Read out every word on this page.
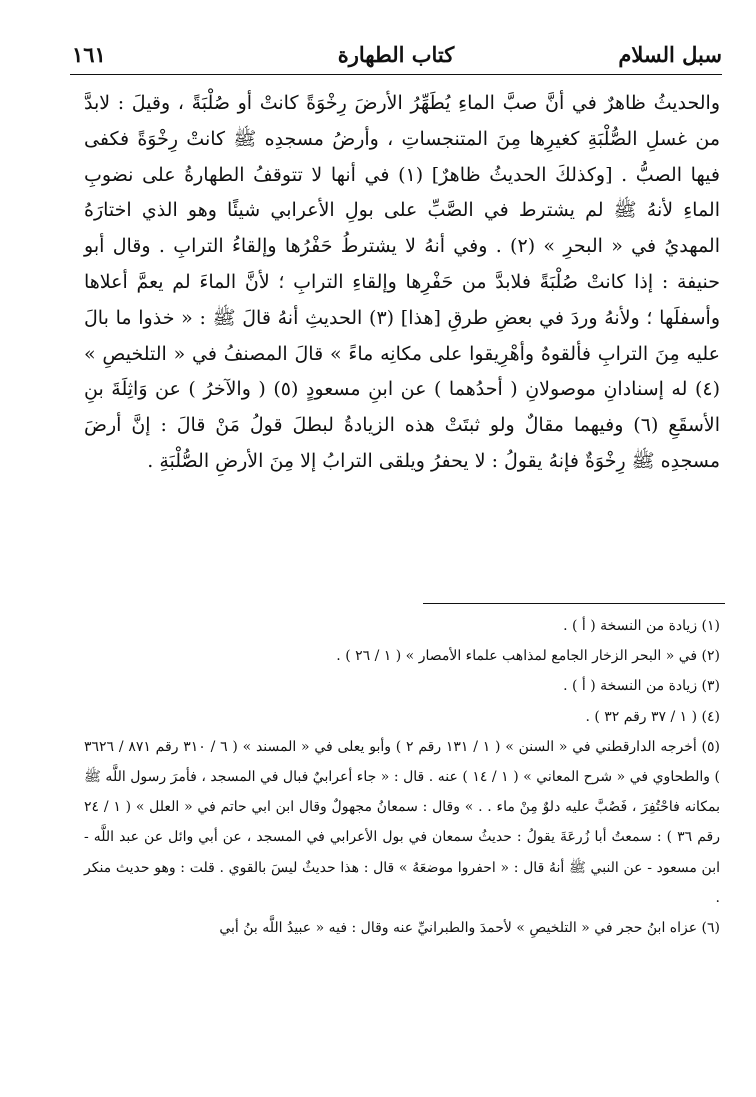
سبل السلام
كتاب الطهارة
١٦١

والحديثُ ظاهرٌ في أنَّ صبَّ الماءِ يُطَهِّرُ الأرضَ رِخْوَةً كانتْ أو صُلْبَةً ، وقيلَ : لابدَّ من غسلِ الصُّلْبَةِ كغيرِها مِنَ المتنجساتِ ، وأرضُ مسجدِه ﷺ كانتْ رِخْوَةً فكفى فيها الصبُّ . [وكذلكَ الحديثُ ظاهرٌ] (١) في أنها لا تتوقفُ الطهارةُ على نضوبِ الماءِ لأنهُ ﷺ لم يشترط في الصَّبِّ على بولِ الأعرابي شيئًا وهو الذي اختارَهُ المهديُ في « البحرِ » (٢) . وفي أنهُ لا يشترطُ حَفْرُها وإلقاءُ الترابِ . وقال أبو حنيفة : إذا كانتْ صُلْبَةً فلابدَّ من حَفْرِها وإلقاءِ الترابِ ؛ لأنَّ الماءَ لم يعمَّ أعلاها وأسفلَها ؛ ولأنهُ وردَ في بعضِ طرقِ [هذا] (٣) الحديثِ أنهُ قالَ ﷺ : « خذوا ما بالَ عليه مِنَ الترابِ فألقوهُ وأهْرِيقوا على مكانِه ماءً » قالَ المصنفُ في « التلخيصِ » (٤) له إسنادانِ موصولانِ ( أحدُهما ) عن ابنِ مسعودٍ (٥) ( والآخرُ ) عن وَاثِلَةَ بنِ الأسقَعِ (٦) وفيهما مقالٌ ولو ثبتَتْ هذه الزيادةُ لبطلَ قولُ مَنْ قالَ : إنَّ أرضَ مسجدِه ﷺ رِخْوَةٌ فإنهُ يقولُ : لا يحفرُ ويلقى الترابُ إلا مِنَ الأرضِ الصُّلْبَةِ .

(١) زيادة من النسخة ( أ ) .

(٢) في « البحر الزخار الجامع لمذاهب علماء الأمصار » ( ١ / ٢٦ ) .

(٣) زيادة من النسخة ( أ ) .

(٤) ( ١ / ٣٧ رقم ٣٢ ) .

(٥) أخرجه الدارقطني في « السنن » ( ١ / ١٣١ رقم ٢ ) وأبو يعلى في « المسند » ( ٦ / ٣١٠ رقم ٨٧١ / ٣٦٢٦ ) والطحاوي في « شرح المعاني » ( ١ / ١٤ ) عنه . قال : « جاء أعرابيٌ فبال في المسجد ، فأمرَ رسول اللَّه ﷺ بمكانه فاحْتُفِرَ ، فَصُبَّ عليه دلوٌ مِنْ ماء . . » وقال : سمعانُ مجهولٌ وقال ابن ابي حاتم في « العلل » ( ١ / ٢٤ رقم ٣٦ ) : سمعتُ أبا زُرعَةَ يقولُ : حديثُ سمعان في بول الأعرابي في المسجد ، عن أبي وائل عن عبد اللَّه - ابن مسعود - عن النبي ﷺ أنهُ قال : « احفروا موضعَهُ » قال : هذا حديثٌ ليسَ بالقوي . قلت : وهو حديث منكر .

(٦) عزاه ابنُ حجر في « التلخيصِ » لأحمدَ والطبرانيِّ عنه وقال : فيه « عبيدُ اللَّه بنُ أبي
